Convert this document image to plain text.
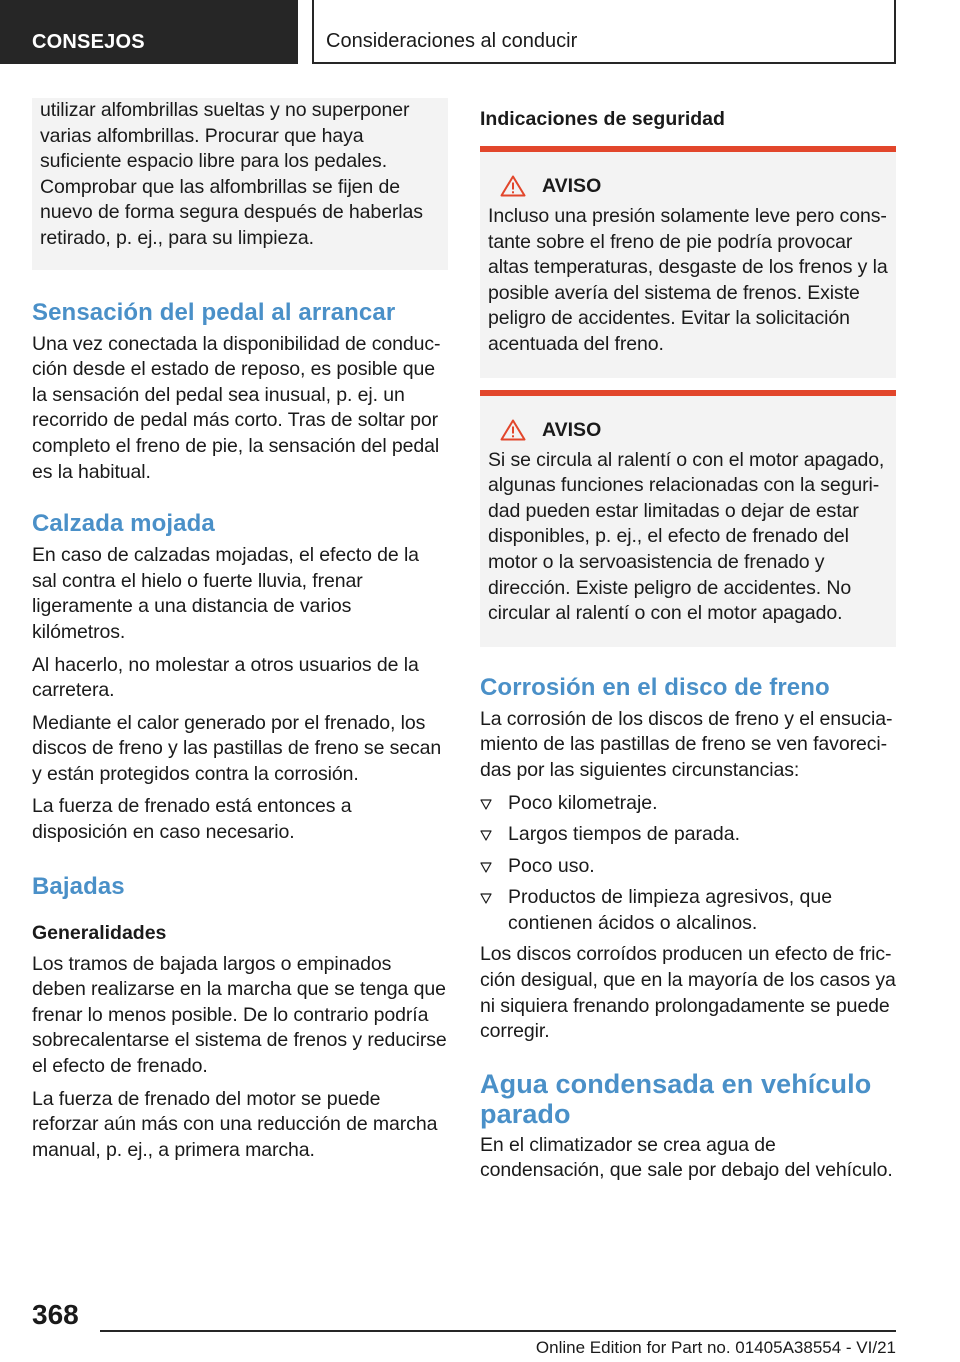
CONSEJOS	Consideraciones al conducir

utilizar alfombrillas sueltas y no superponer varias alfombrillas. Procurar que haya suficiente espacio libre para los pedales. Comprobar que las alfombrillas se fijen de nuevo de forma segura después de haberlas retirado, p. ej., para su limpieza.

Sensación del pedal al arrancar

Una vez conectada la disponibilidad de conducción desde el estado de reposo, es posible que la sensación del pedal sea inusual, p. ej. un recorrido de pedal más corto. Tras de soltar por completo el freno de pie, la sensación del pedal es la habitual.

Calzada mojada

En caso de calzadas mojadas, el efecto de la sal contra el hielo o fuerte lluvia, frenar ligeramente a una distancia de varios kilómetros.

Al hacerlo, no molestar a otros usuarios de la carretera.

Mediante el calor generado por el frenado, los discos de freno y las pastillas de freno se secan y están protegidos contra la corrosión.

La fuerza de frenado está entonces a disposición en caso necesario.

Bajadas
Generalidades

Los tramos de bajada largos o empinados deben realizarse en la marcha que se tenga que frenar lo menos posible. De lo contrario podría sobrecalentarse el sistema de frenos y reducirse el efecto de frenado.

La fuerza de frenado del motor se puede reforzar aún más con una reducción de marcha manual, p. ej., a primera marcha.

Indicaciones de seguridad
AVISO

Incluso una presión solamente leve pero constante sobre el freno de pie podría provocar altas temperaturas, desgaste de los frenos y la posible avería del sistema de frenos. Existe peligro de accidentes. Evitar la solicitación acentuada del freno.

AVISO

Si se circula al ralentí o con el motor apagado, algunas funciones relacionadas con la seguridad pueden estar limitadas o dejar de estar disponibles, p. ej., el efecto de frenado del motor o la servoasistencia de frenado y dirección. Existe peligro de accidentes. No circular al ralentí o con el motor apagado.

Corrosión en el disco de freno

La corrosión de los discos de freno y el ensuciamiento de las pastillas de freno se ven favorecidas por las siguientes circunstancias:

Poco kilometraje.
Largos tiempos de parada.
Poco uso.
Productos de limpieza agresivos, que contienen ácidos o alcalinos.

Los discos corroídos producen un efecto de fricción desigual, que en la mayoría de los casos ya ni siquiera frenando prolongadamente se puede corregir.

Agua condensada en vehículo parado

En el climatizador se crea agua de condensación, que sale por debajo del vehículo.

368
Online Edition for Part no. 01405A38554 - VI/21
